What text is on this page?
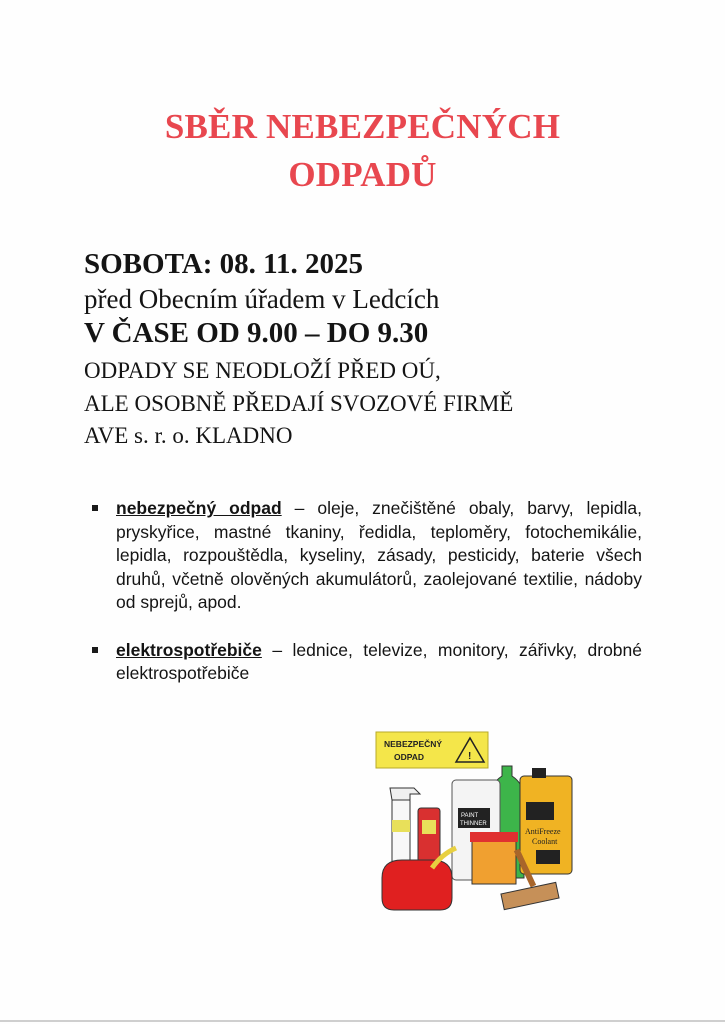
SBĚR NEBEZPEČNÝCH
ODPADŮ
SOBOTA: 08. 11. 2025
před Obecním úřadem v Ledcích
V ČASE OD 9.00 – DO 9.30
ODPADY SE NEODLOŽÍ PŘED OÚ,
ALE OSOBNĚ PŘEDAJÍ SVOZOVÉ FIRMĚ
AVE s. r. o. KLADNO
nebezpečný odpad – oleje, znečištěné obaly, barvy, lepidla, pryskyřice, mastné tkaniny, ředidla, teploměry, fotochemikálie, lepidla, rozpouštědla, kyseliny, zásady, pesticidy, baterie všech druhů, včetně olověných akumulátorů, zaolejované textilie, nádoby od sprejů, apod.
elektrospotřebiče – lednice, televize, monitory, zářivky, drobné elektrospotřebiče
NEBEZPEČNÝ
ODPAD	!
PAINT
THINNER
AntiFreeze
Coolant
